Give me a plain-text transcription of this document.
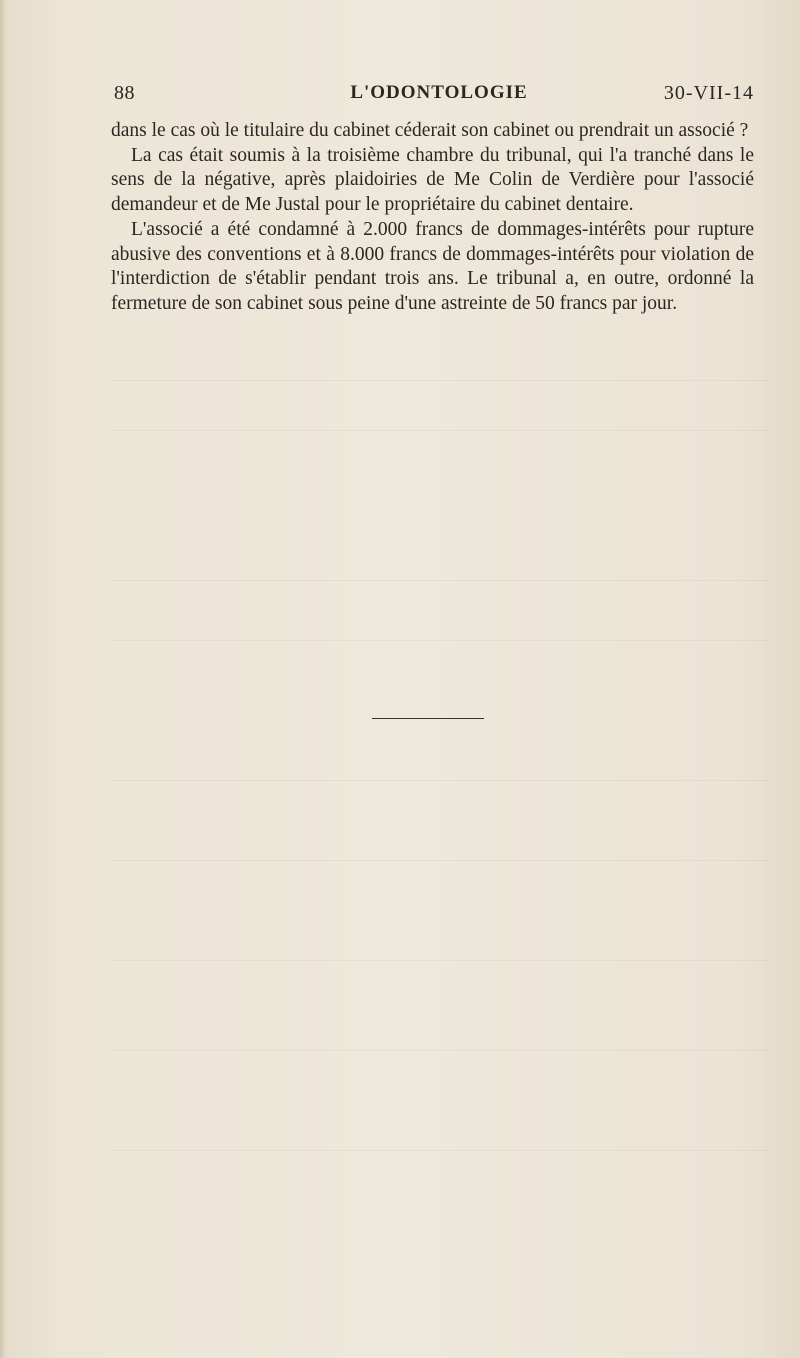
88	L'ODONTOLOGIE	30-VII-14

dans le cas où le titulaire du cabinet céderait son cabinet ou prendrait un associé ?

La cas était soumis à la troisième chambre du tribunal, qui l'a tranché dans le sens de la négative, après plaidoiries de Me Colin de Verdière pour l'associé demandeur et de Me Justal pour le propriétaire du cabinet dentaire.

L'associé a été condamné à 2.000 francs de dommages-intérêts pour rupture abusive des conventions et à 8.000 francs de dommages-intérêts pour violation de l'interdiction de s'établir pendant trois ans. Le tribunal a, en outre, ordonné la fermeture de son cabinet sous peine d'une astreinte de 50 francs par jour.
